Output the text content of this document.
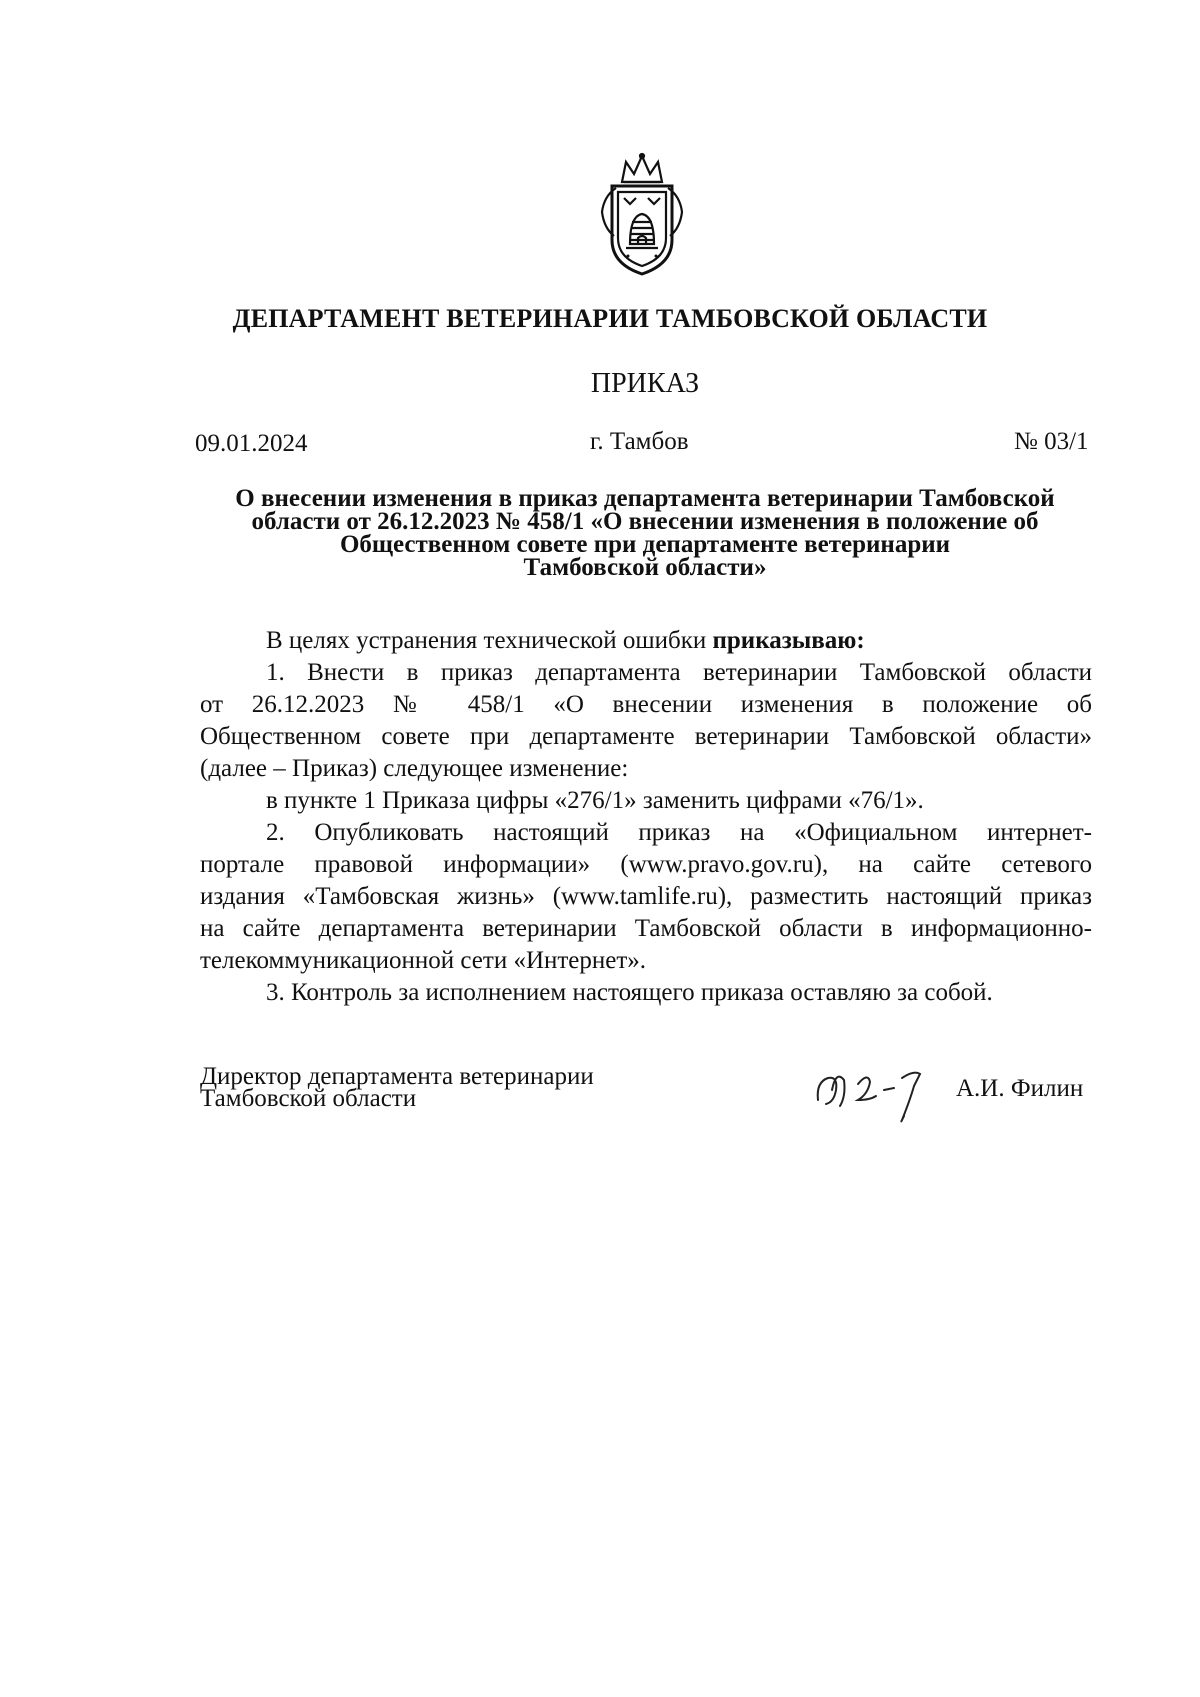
ДЕПАРТАМЕНТ ВЕТЕРИНАРИИ ТАМБОВСКОЙ ОБЛАСТИ
ПРИКАЗ
09.01.2024	г. Тамбов	№ 03/1
О внесении изменения в приказ департамента ветеринарии Тамбовской
области от 26.12.2023 № 458/1 «О внесении изменения в положение об
Общественном совете при департаменте ветеринарии
Тамбовской области»
В целях устранения технической ошибки приказываю:
1. Внести в приказ департамента ветеринарии Тамбовской области
от 26.12.2023 № 458/1 «О внесении изменения в положение об
Общественном совете при департаменте ветеринарии Тамбовской области»
(далее – Приказ) следующее изменение:
в пункте 1 Приказа цифры «276/1» заменить цифрами «76/1».
2. Опубликовать настоящий приказ на «Официальном интернет-
портале правовой информации» (www.pravo.gov.ru), на сайте сетевого
издания «Тамбовская жизнь» (www.tamlife.ru), разместить настоящий приказ
на сайте департамента ветеринарии Тамбовской области в информационно-
телекоммуникационной сети «Интернет».
3. Контроль за исполнением настоящего приказа оставляю за собой.
Директор департамента ветеринарии
Тамбовской области	А.И. Филин
